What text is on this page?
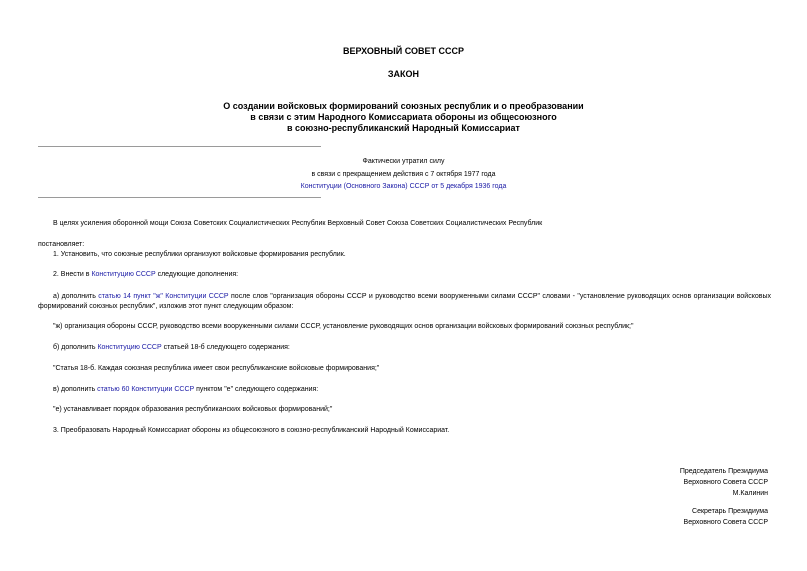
ВЕРХОВНЫЙ СОВЕТ СССР
ЗАКОН
О создании войсковых формирований союзных республик и о преобразовании
в связи с этим Народного Комиссариата обороны из общесоюзного
в союзно-республиканский Народный Комиссариат
Фактически утратил силу
в связи с прекращением действия с 7 октября 1977 года
Конституции (Основного Закона) СССР от 5 декабря 1936 года
В целях усиления оборонной мощи Союза Советских Социалистических Республик Верховный Совет Союза Советских Социалистических Республик
постановляет:
1. Установить, что союзные республики организуют войсковые формирования республик.
2. Внести в Конституцию СССР следующие дополнения:
а) дополнить статью 14 пункт "ж" Конституции СССР после слов "организация обороны СССР и руководство всеми вооруженными силами СССР" словами - "установление руководящих основ организации войсковых формирований союзных республик", изложив этот пункт следующим образом:
"ж) организация обороны СССР, руководство всеми вооруженными силами СССР, установление руководящих основ организации войсковых формирований союзных республик;"
б) дополнить Конституцию СССР статьей 18-б следующего содержания:
"Статья 18-б. Каждая союзная республика имеет свои республиканские войсковые формирования;"
в) дополнить статью 60 Конституции СССР пунктом "е" следующего содержания:
"е) устанавливает порядок образования республиканских войсковых формирований;"
3. Преобразовать Народный Комиссариат обороны из общесоюзного в союзно-республиканский Народный Комиссариат.
Председатель Президиума
Верховного Совета СССР
М.Калинин
Секретарь Президиума
Верховного Совета СССР
